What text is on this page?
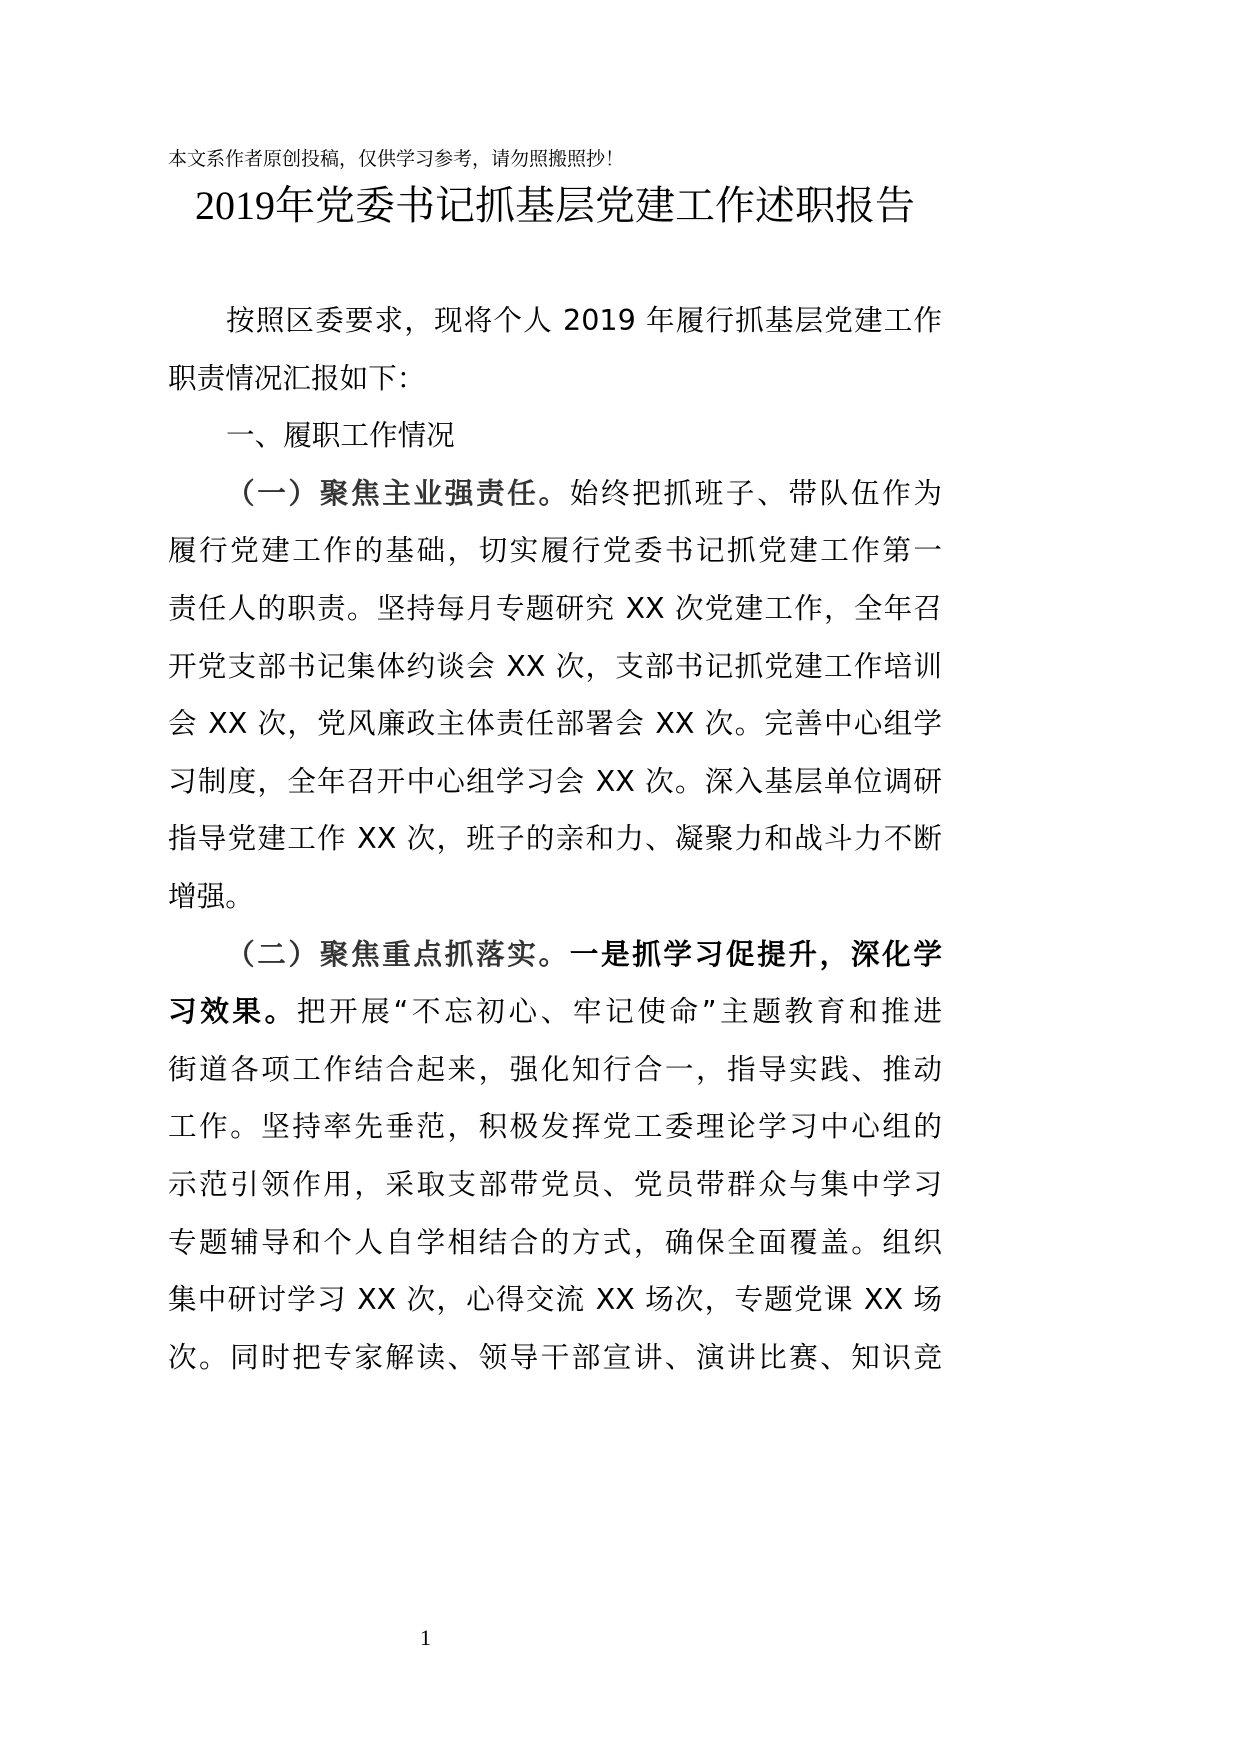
本文系作者原创投稿，仅供学习参考，请勿照搬照抄！
2019年党委书记抓基层党建工作述职报告
按照区委要求，现将个人 2019 年履行抓基层党建工作
职责情况汇报如下：
一、履职工作情况
（一）聚焦主业强责任。始终把抓班子、带队伍作为
履行党建工作的基础，切实履行党委书记抓党建工作第一
责任人的职责。坚持每月专题研究 XX 次党建工作，全年召
开党支部书记集体约谈会 XX 次，支部书记抓党建工作培训
会 XX 次，党风廉政主体责任部署会 XX 次。完善中心组学
习制度，全年召开中心组学习会 XX 次。深入基层单位调研
指导党建工作 XX 次，班子的亲和力、凝聚力和战斗力不断
增强。
（二）聚焦重点抓落实。一是抓学习促提升，深化学
习效果。把开展“不忘初心、牢记使命”主题教育和推进
街道各项工作结合起来，强化知行合一，指导实践、推动
工作。坚持率先垂范，积极发挥党工委理论学习中心组的
示范引领作用，采取支部带党员、党员带群众与集中学习
专题辅导和个人自学相结合的方式，确保全面覆盖。组织
集中研讨学习 XX 次，心得交流 XX 场次，专题党课 XX 场
次。同时把专家解读、领导干部宣讲、演讲比赛、知识竞
1
